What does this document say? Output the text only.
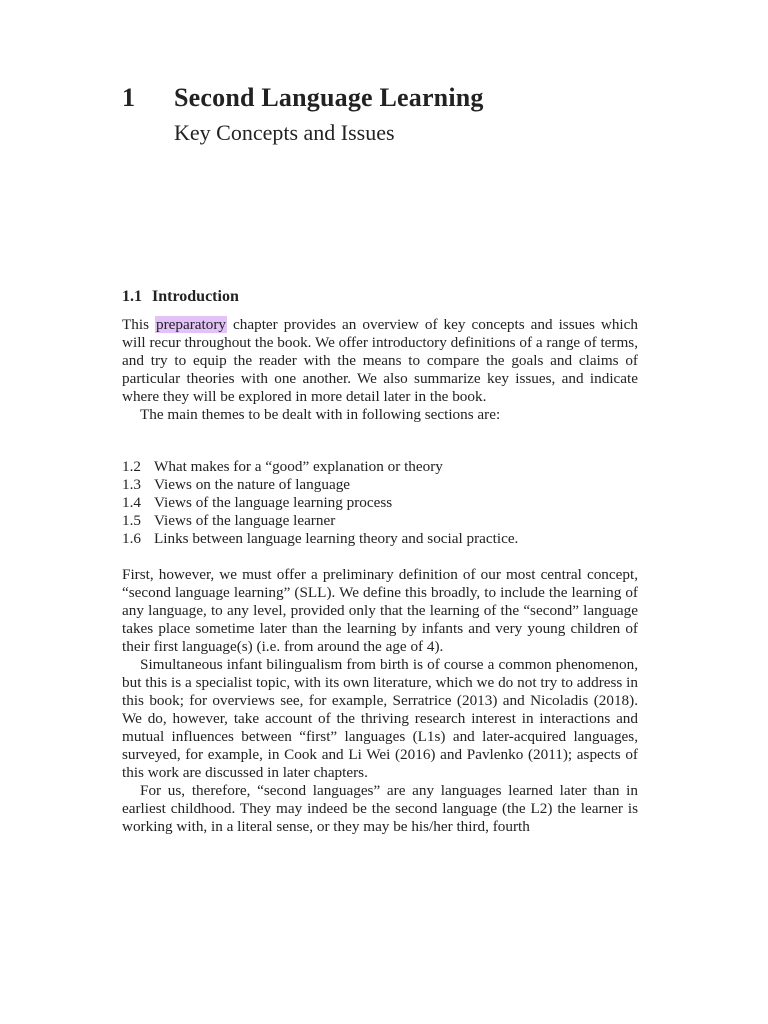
1	Second Language Learning
Key Concepts and Issues
1.1 Introduction

This preparatory chapter provides an overview of key concepts and issues which will recur throughout the book. We offer introductory definitions of a range of terms, and try to equip the reader with the means to compare the goals and claims of particular theories with one another. We also summarize key issues, and indicate where they will be explored in more detail later in the book.

The main themes to be dealt with in following sections are:

1.2 What makes for a “good” explanation or theory
1.3 Views on the nature of language
1.4 Views of the language learning process
1.5 Views of the language learner
1.6 Links between language learning theory and social practice.

First, however, we must offer a preliminary definition of our most central concept, “second language learning” (SLL). We define this broadly, to include the learning of any language, to any level, provided only that the learning of the “second” language takes place sometime later than the learning by infants and very young children of their first language(s) (i.e. from around the age of 4).

Simultaneous infant bilingualism from birth is of course a common phenomenon, but this is a specialist topic, with its own literature, which we do not try to address in this book; for overviews see, for example, Serratrice (2013) and Nicoladis (2018). We do, however, take account of the thriving research interest in interactions and mutual influences between “first” languages (L1s) and later-acquired languages, surveyed, for example, in Cook and Li Wei (2016) and Pavlenko (2011); aspects of this work are discussed in later chapters.

For us, therefore, “second languages” are any languages learned later than in earliest childhood. They may indeed be the second language (the L2) the learner is working with, in a literal sense, or they may be his/her third, fourth
